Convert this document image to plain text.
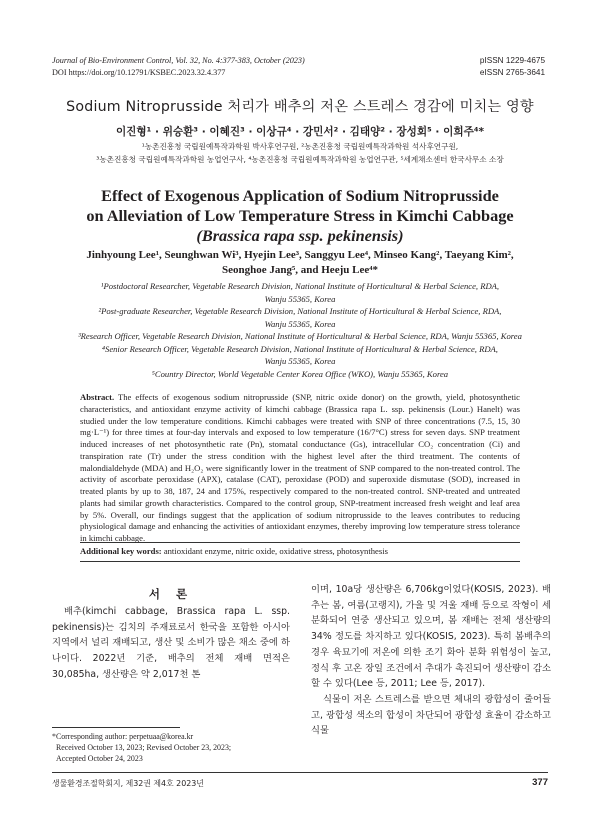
Journal of Bio-Environment Control, Vol. 32, No. 4:377-383, October (2023)
DOI https://doi.org/10.12791/KSBEC.2023.32.4.377
pISSN 1229-4675
eISSN 2765-3641
Sodium Nitroprusside 처리가 배추의 저온 스트레스 경감에 미치는 영향
이진형¹ · 위승환³ · 이혜진³ · 이상규⁴ · 강민서² · 김태양² · 장성회⁵ · 이희주⁴*
¹농촌진흥청 국립원예특작과학원 박사후연구원, ²농촌진흥청 국립원예특작과학원 석사후연구원,
³농촌진흥청 국립원예특작과학원 농업연구사, ⁴농촌진흥청 국립원예특작과학원 농업연구관, ⁵세계채소센터 한국사무소 소장
Effect of Exogenous Application of Sodium Nitroprusside
on Alleviation of Low Temperature Stress in Kimchi Cabbage
(Brassica rapa ssp. pekinensis)
Jinhyoung Lee¹, Seunghwan Wi³, Hyejin Lee³, Sanggyu Lee⁴, Minseo Kang², Taeyang Kim²,
Seonghoe Jang⁵, and Heeju Lee⁴*
¹Postdoctoral Researcher, Vegetable Research Division, National Institute of Horticultural & Herbal Science, RDA,
Wanju 55365, Korea
²Post-graduate Researcher, Vegetable Research Division, National Institute of Horticultural & Herbal Science, RDA,
Wanju 55365, Korea
³Research Officer, Vegetable Research Division, National Institute of Horticultural & Herbal Science, RDA, Wanju 55365, Korea
⁴Senior Research Officer, Vegetable Research Division, National Institute of Horticultural & Herbal Science, RDA,
Wanju 55365, Korea
⁵Country Director, World Vegetable Center Korea Office (WKO), Wanju 55365, Korea
Abstract. The effects of exogenous sodium nitroprusside (SNP, nitric oxide donor) on the growth, yield, photosynthetic characteristics, and antioxidant enzyme activity of kimchi cabbage (Brassica rapa L. ssp. pekinensis (Lour.) Hanelt) was studied under the low temperature conditions. Kimchi cabbages were treated with SNP of three concentrations (7.5, 15, 30 mg·L⁻¹) for three times at four-day intervals and exposed to low temperature (16/7°C) stress for seven days. SNP treatment induced increases of net photosynthetic rate (Pn), stomatal conductance (Gs), intracellular CO₂ concentration (Ci) and transpiration rate (Tr) under the stress condition with the highest level after the third treatment. The contents of malondialdehyde (MDA) and H₂O₂ were significantly lower in the treatment of SNP compared to the non-treated control. The activity of ascorbate peroxidase (APX), catalase (CAT), peroxidase (POD) and superoxide dismutase (SOD), increased in treated plants by up to 38, 187, 24 and 175%, respectively compared to the non-treated control. SNP-treated and untreated plants had similar growth characteristics. Compared to the control group, SNP-treatment increased fresh weight and leaf area by 5%. Overall, our findings suggest that the application of sodium nitroprusside to the leaves contributes to reducing physiological damage and enhancing the activities of antioxidant enzymes, thereby improving low temperature stress tolerance in kimchi cabbage.
Additional key words: antioxidant enzyme, nitric oxide, oxidative stress, photosynthesis
서 론

배추(kimchi cabbage, Brassica rapa L. ssp. pekinensis)는 김치의 주재료로서 한국을 포함한 아시아 지역에서 널리 재배되고, 생산 및 소비가 많은 채소 중에 하나이다. 2022년 기준, 배추의 전체 재배 면적은 30,085ha, 생산량은 약 2,017천 톤

이며, 10a당 생산량은 6,706kg이었다(KOSIS, 2023). 배추는 봄, 여름(고랭지), 가을 및 겨울 재배 등으로 작형이 세분화되어 연중 생산되고 있으며, 봄 재배는 전체 생산량의 34% 정도를 차지하고 있다(KOSIS, 2023). 특히 봄배추의 경우 육묘기에 저온에 의한 조기 화아 분화 위험성이 높고, 정식 후 고온 장일 조건에서 추대가 촉진되어 생산량이 감소할 수 있다(Lee 등, 2011; Lee 등, 2017).

식물이 저온 스트레스를 받으면 체내의 광합성이 줄어들고, 광합성 색소의 합성이 차단되어 광합성 효율이 감소하고 식물

*Corresponding author: perpetuaa@korea.kr
Received October 13, 2023; Revised October 23, 2023;
Accepted October 24, 2023
생물환경조절학회지, 제32권 제4호 2023년	377
